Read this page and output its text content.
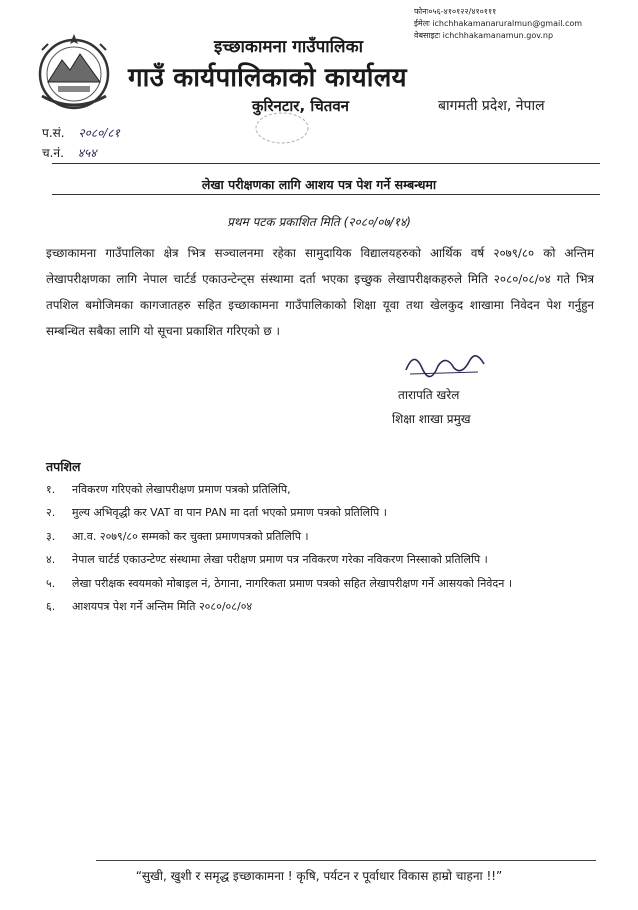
फोनः०५६-४१०१२२/४१०१११
ईमेलः ichchhakamanaruralmun@gmail.com
वेबसाइटः ichchhakamanamun.gov.np
इच्छाकामना गाउँपालिका
गाउँ कार्यपालिकाको कार्यालय
कुरिनटार, चितवन	बागमती प्रदेश, नेपाल
प.सं. २०८०/८१
च.नं. ४५४
लेखा परीक्षणका लागि आशय पत्र पेश गर्ने सम्बन्धमा
प्रथम पटक प्रकाशित मिति (२०८०/०७/१४)
इच्छाकामना गाउँपालिका क्षेत्र भित्र सञ्चालनमा रहेका सामुदायिक विद्यालयहरुको आर्थिक वर्ष २०७९/८० को अन्तिम लेखापरीक्षणका लागि नेपाल चार्टर्ड एकाउन्टेन्ट्स संस्थामा दर्ता भएका इच्छुक लेखापरीक्षकहरुले मिति २०८०/०८/०४ गते भित्र तपशिल बमोजिमका कागजातहरु सहित इच्छाकामना गाउँपालिकाको शिक्षा यूवा तथा खेलकुद शाखामा निवेदन पेश गर्नुहुन सम्बन्धित सबैका लागि यो सूचना प्रकाशित गरिएको छ ।
तारापति खरेल
शिक्षा शाखा प्रमुख
तपशिल
१.	नविकरण गरिएको लेखापरीक्षण प्रमाण पत्रको प्रतिलिपि,
२.	मुल्य अभिवृद्धी कर VAT वा पान PAN मा दर्ता भएको प्रमाण पत्रको प्रतिलिपि ।
३.	आ.व. २०७९/८० सम्मको कर चुक्ता प्रमाणपत्रको प्रतिलिपि ।
४.	नेपाल चार्टर्ड एकाउन्टेण्ट संस्थामा लेखा परीक्षण प्रमाण पत्र नविकरण गरेका नविकरण निस्साको प्रतिलिपि ।
५.	लेखा परीक्षक स्वयमको मोबाइल नं, ठेगाना, नागरिकता प्रमाण पत्रको सहित लेखापरीक्षण गर्ने आसयको निवेदन ।
६.	आशयपत्र पेश गर्ने अन्तिम मिति २०८०/०८/०४
“सुखी, खुशी र समृद्ध इच्छाकामना ! कृषि, पर्यटन र पूर्वाधार विकास हाम्रो चाहना !!”
